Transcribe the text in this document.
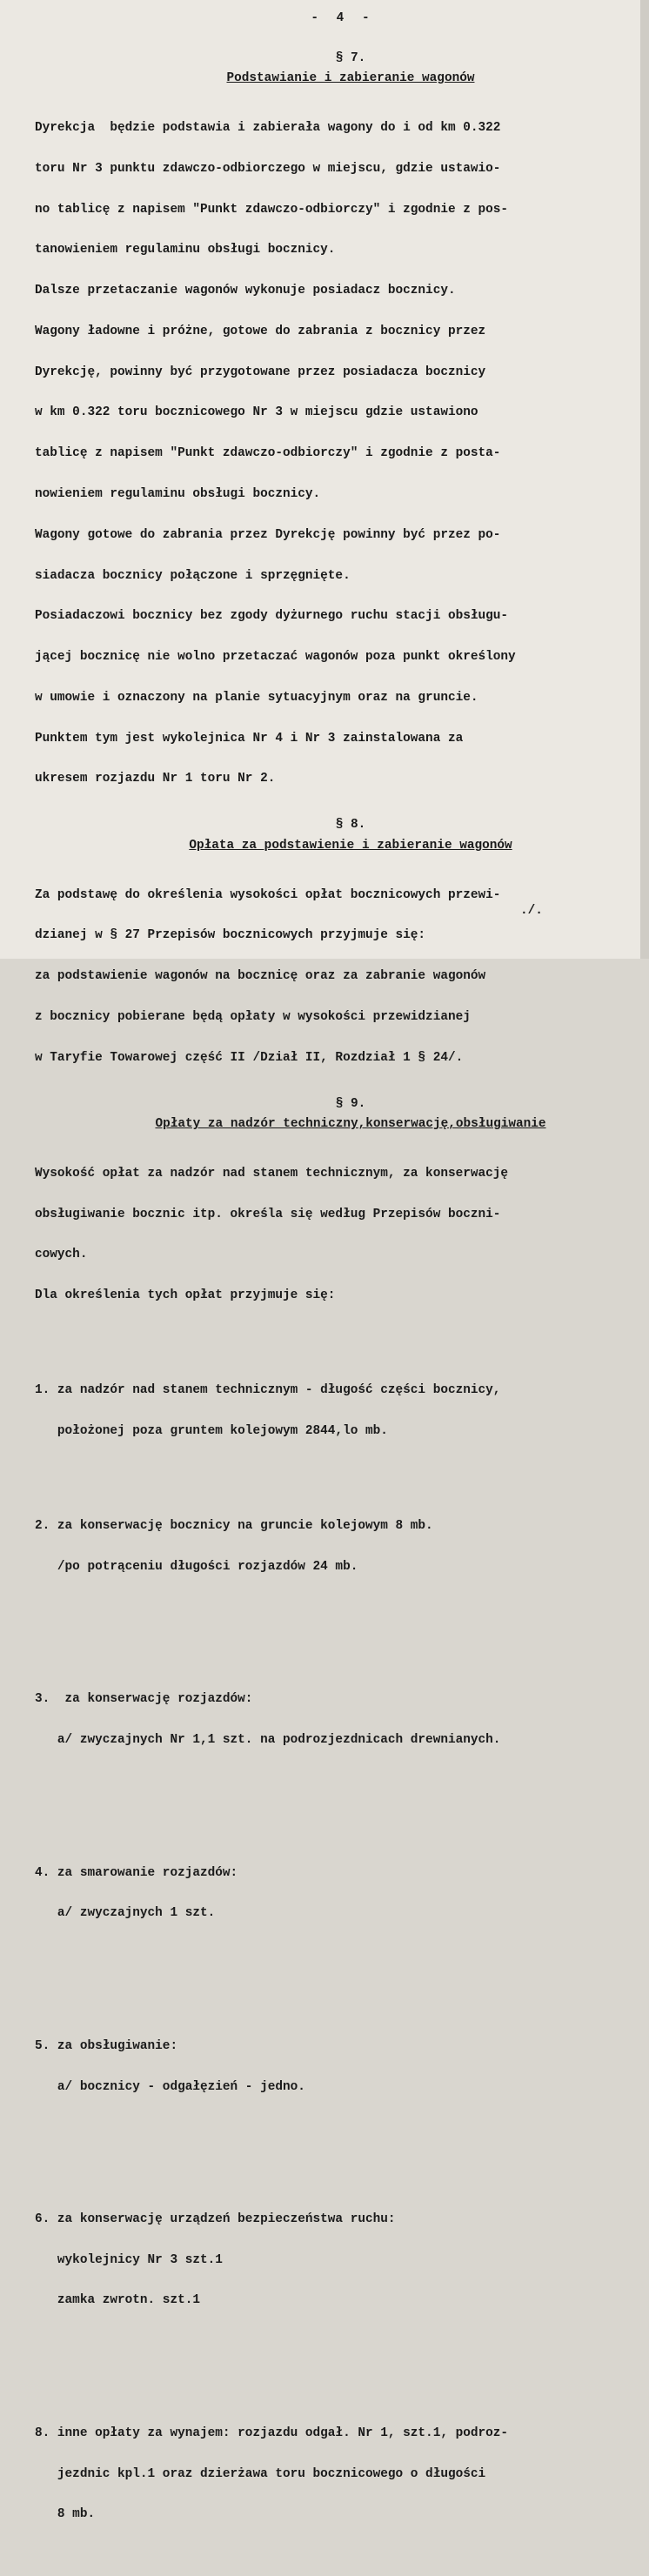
- 4 -
§ 7.
Podstawianie i zabieranie wagonów

Dyrekcja  będzie podstawia i zabierała wagony do i od km 0.322

toru Nr 3 punktu zdawczo-odbiorczego w miejscu, gdzie ustawio-

no tablicę z napisem "Punkt zdawczo-odbiorczy" i zgodnie z pos-

tanowieniem regulaminu obsługi bocznicy.

Dalsze przetaczanie wagonów wykonuje posiadacz bocznicy.

Wagony ładowne i próżne, gotowe do zabrania z bocznicy przez

Dyrekcję, powinny być przygotowane przez posiadacza bocznicy

w km 0.322 toru bocznicowego Nr 3 w miejscu gdzie ustawiono

tablicę z napisem "Punkt zdawczo-odbiorczy" i zgodnie z posta-

nowieniem regulaminu obsługi bocznicy.

Wagony gotowe do zabrania przez Dyrekcję powinny być przez po-

siadacza bocznicy połączone i sprzęgnięte.

Posiadaczowi bocznicy bez zgody dyżurnego ruchu stacji obsługu-

jącej bocznicę nie wolno przetaczać wagonów poza punkt określony

w umowie i oznaczony na planie sytuacyjnym oraz na gruncie.

Punktem tym jest wykolejnica Nr 4 i Nr 3 zainstalowana za

ukresem rozjazdu Nr 1 toru Nr 2.

§ 8.
Opłata za podstawienie i zabieranie wagonów

Za podstawę do określenia wysokości opłat bocznicowych przewi-

dzianej w § 27 Przepisów bocznicowych przyjmuje się:

za podstawienie wagonów na bocznicę oraz za zabranie wagonów

z bocznicy pobierane będą opłaty w wysokości przewidzianej

w Taryfie Towarowej część II /Dział II, Rozdział 1 § 24/.

§ 9.
Opłaty za nadzór techniczny,konserwację,obsługiwanie

Wysokość opłat za nadzór nad stanem technicznym, za konserwację

obsługiwanie bocznic itp. określa się według Przepisów boczni-

cowych.

Dla określenia tych opłat przyjmuje się:

1. za nadzór nad stanem technicznym - długość części bocznicy,

położonej poza gruntem kolejowym 2844,lo mb.

2. za konserwację bocznicy na gruncie kolejowym 8 mb.

/po potrąceniu długości rozjazdów 24 mb.

3.  za konserwację rozjazdów:

a/ zwyczajnych Nr 1,1 szt. na podrozjezdnicach drewnianych.

4. za smarowanie rozjazdów:

a/ zwyczajnych 1 szt.

5. za obsługiwanie:

a/ bocznicy - odgałęzień - jedno.

6. za konserwację urządzeń bezpieczeństwa ruchu:

wykolejnicy Nr 3 szt.1

zamka zwrotn. szt.1

8. inne opłaty za wynajem: rozjazdu odgał. Nr 1, szt.1, podroz-

jezdnic kpl.1 oraz dzierżawa toru bocznicowego o długości

8 mb.

./.
